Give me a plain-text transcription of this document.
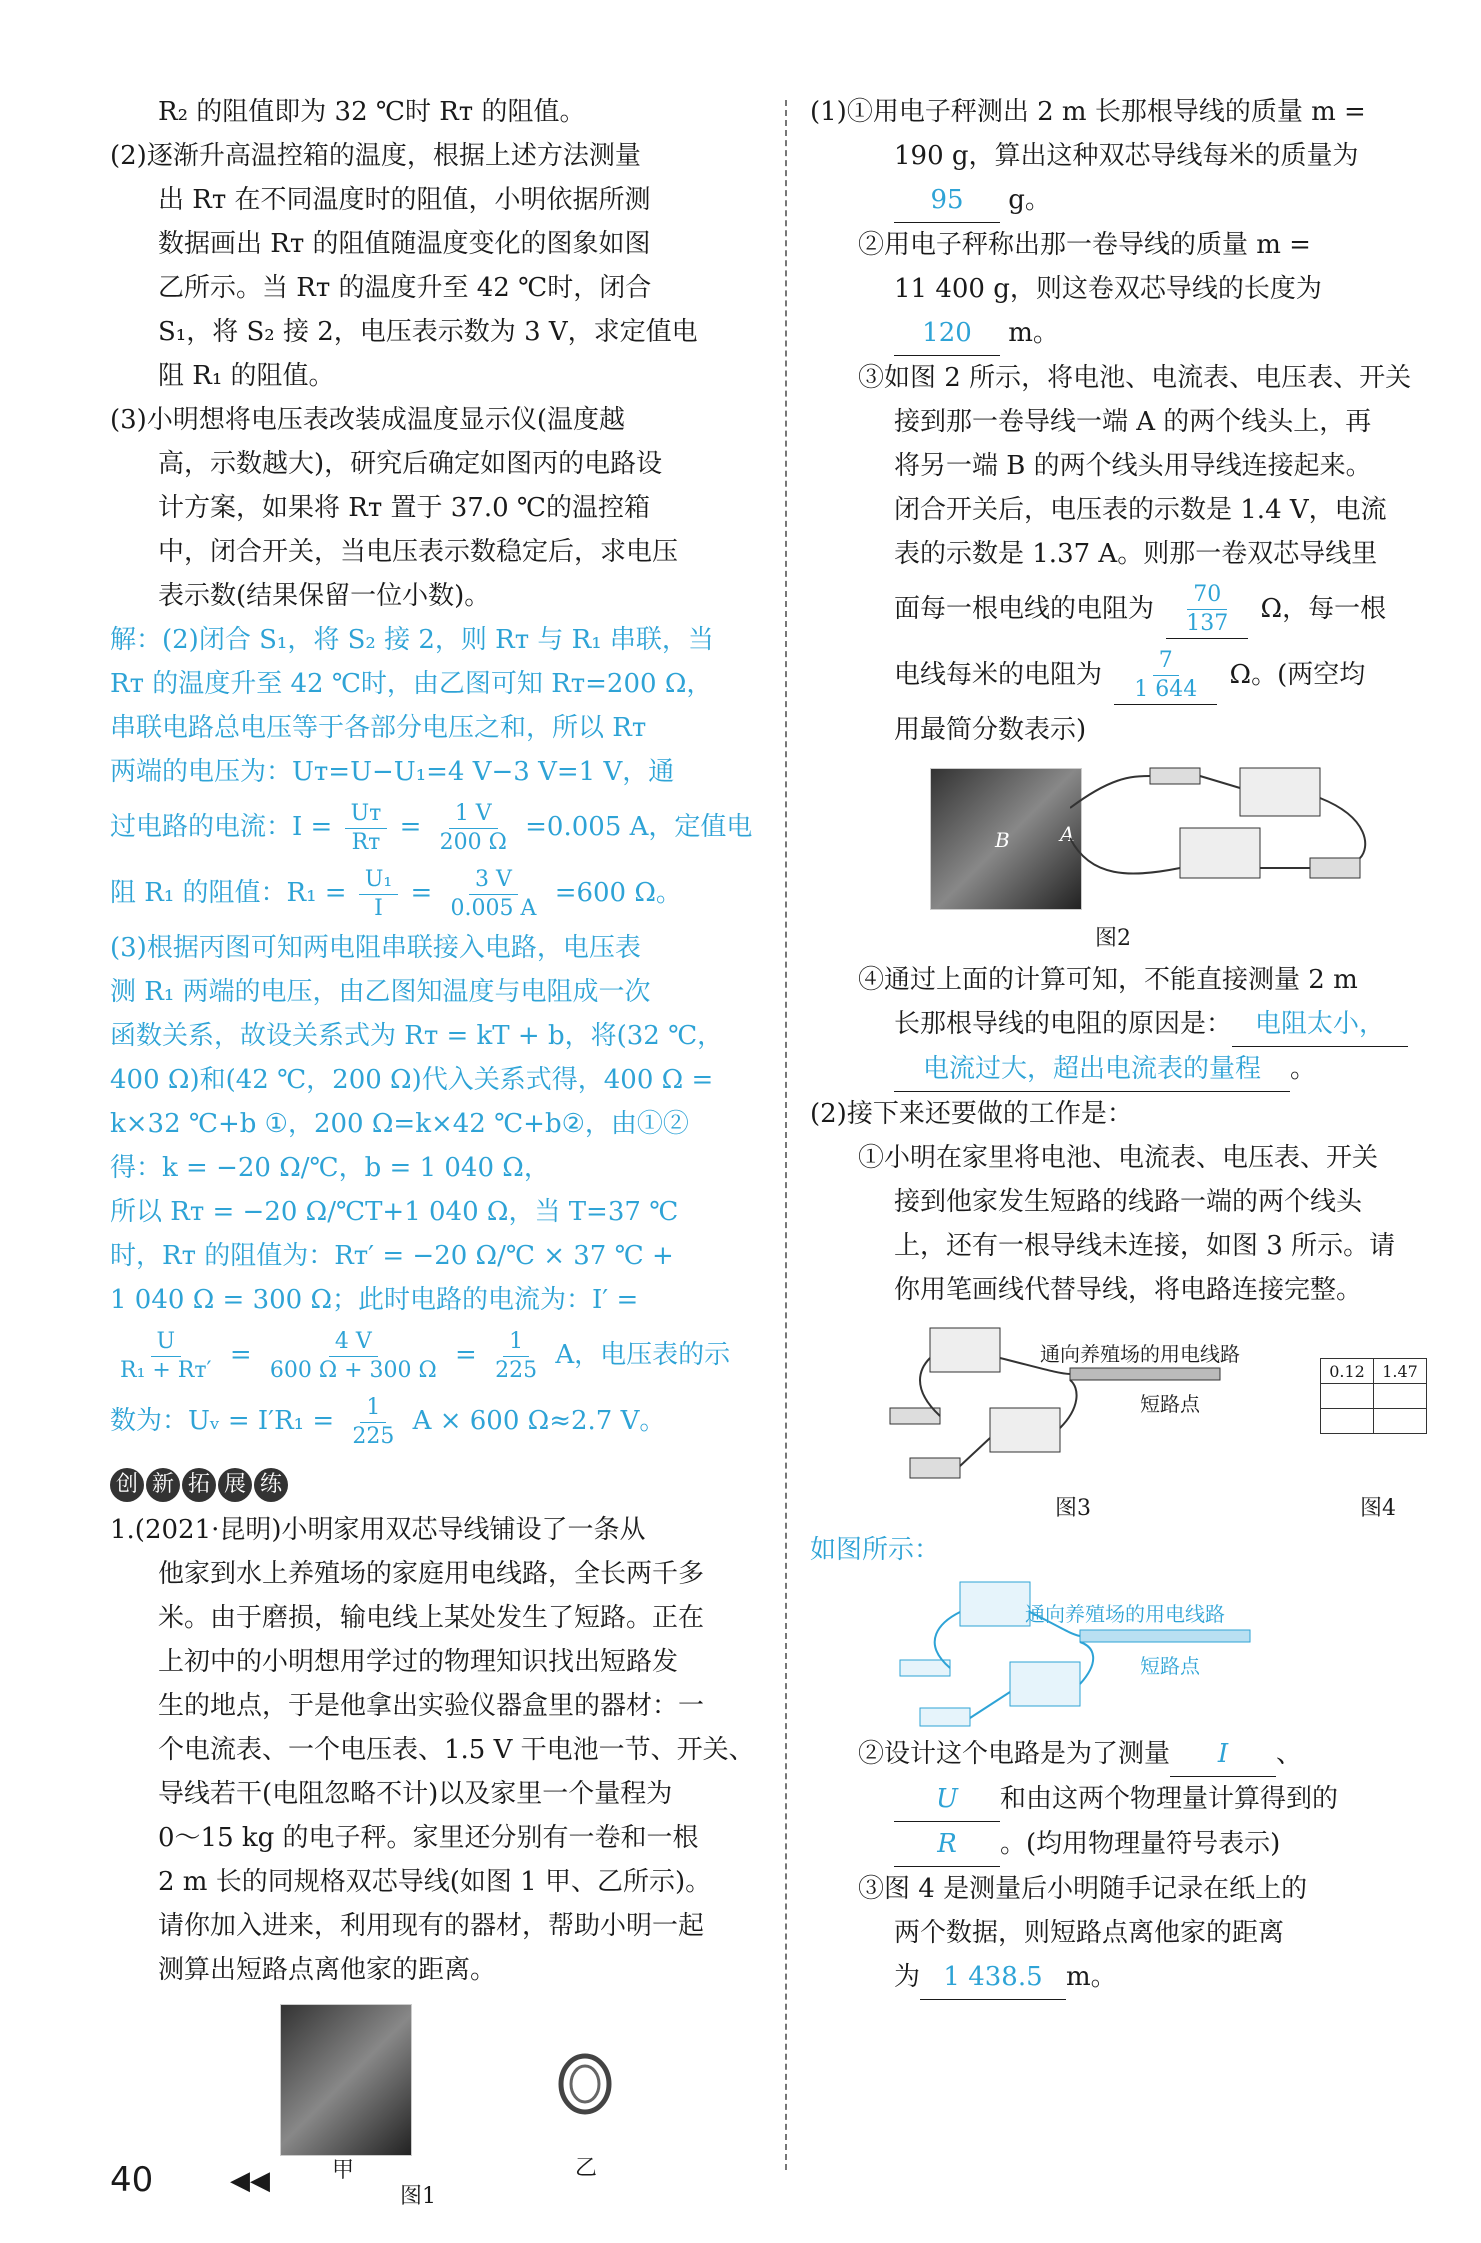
R₂ 的阻值即为 32 ℃时 Rᴛ 的阻值。
(2)逐渐升高温控箱的温度，根据上述方法测量
出 Rᴛ 在不同温度时的阻值，小明依据所测
数据画出 Rᴛ 的阻值随温度变化的图象如图
乙所示。当 Rᴛ 的温度升至 42 ℃时，闭合
S₁，将 S₂ 接 2，电压表示数为 3 V，求定值电
阻 R₁ 的阻值。
(3)小明想将电压表改装成温度显示仪(温度越
高，示数越大)，研究后确定如图丙的电路设
计方案，如果将 Rᴛ 置于 37.0 ℃的温控箱
中，闭合开关，当电压表示数稳定后，求电压
表示数(结果保留一位小数)。
解：(2)闭合 S₁，将 S₂ 接 2，则 Rᴛ 与 R₁ 串联，当
Rᴛ 的温度升至 42 ℃时，由乙图可知 Rᴛ=200 Ω，
串联电路总电压等于各部分电压之和，所以 Rᴛ
两端的电压为：Uᴛ=U−U₁=4 V−3 V=1 V，通
过电路的电流：$I = \frac{\text{Uᴛ}}{\text{Rᴛ}} = \frac{1 V}{200 \Omega} =0.005$ A，定值电
阻 R₁ 的阻值：$R_1 = \frac{\text{U₁}}{I} = \frac{3 V}{0.005 A} =600$ Ω。
(3)根据丙图可知两电阻串联接入电路，电压表
测 R₁ 两端的电压，由乙图知温度与电阻成一次
函数关系，故设关系式为 Rᴛ = kT + b，将(32 ℃，
400 Ω)和(42 ℃，200 Ω)代入关系式得，400 Ω =
k×32 ℃+b ①，200 Ω=k×42 ℃+b②，由①②
得：k = −20 Ω/℃，b = 1 040 Ω，
所以 Rᴛ = −20 Ω/℃T+1 040 Ω，当 T=37 ℃
时，Rᴛ 的阻值为：Rᴛ′ = −20 Ω/℃ × 37 ℃ +
1 040 Ω = 300 Ω；此时电路的电流为：I′ =
$\frac{U}{\text{R₁ + Rᴛ′}} = \frac{4 V}{600 \Omega + 300 \Omega} = \frac{1}{225}$ A，电压表的示
数为：Uᵥ = $I'R_1 = \frac{1}{225}$ A × 600 Ω≈2.7 V。
创 新 拓 展 练
1.(2021·昆明)小明家用双芯导线铺设了一条从
他家到水上养殖场的家庭用电线路，全长两千多
米。由于磨损，输电线上某处发生了短路。正在
上初中的小明想用学过的物理知识找出短路发
生的地点，于是他拿出实验仪器盒里的器材：一
个电流表、一个电压表、1.5 V 干电池一节、开关、
导线若干(电阻忽略不计)以及家里一个量程为
0～15 kg 的电子秤。家里还分别有一卷和一根
2 m 长的同规格双芯导线(如图 1 甲、乙所示)。
请你加入进来，利用现有的器材，帮助小明一起
测算出短路点离他家的距离。
甲	乙
图1
(1)①用电子秤测出 2 m 长那根导线的质量 m =
190 g，算出这种双芯导线每米的质量为
95 g。
②用电子秤称出那一卷导线的质量 m =
11 400 g，则这卷双芯导线的长度为
120 m。
③如图 2 所示，将电池、电流表、电压表、开关
接到那一卷导线一端 A 的两个线头上，再
将另一端 B 的两个线头用导线连接起来。
闭合开关后，电压表的示数是 1.4 V，电流
表的示数是 1.37 A。则那一卷双芯导线里
面每一根电线的电阻为 $\frac{70}{137}$ Ω，每一根
电线每米的电阻为 $\frac{7}{1 644}$ Ω。(两空均
用最简分数表示)
B	A
图2
④通过上面的计算可知，不能直接测量 2 m
长那根导线的电阻的原因是： 电阻太小，
电流过大，超出电流表的量程 。
(2)接下来还要做的工作是：
①小明在家里将电池、电流表、电压表、开关
接到他家发生短路的线路一端的两个线头
上，还有一根导线未连接，如图 3 所示。请
你用笔画线代替导线，将电路连接完整。
通向养殖场的用电线路
短路点
图3
0.12	1.47

图4
如图所示：
通向养殖场的用电线路
短路点
②设计这个电路是为了测量 I 、
U 和由这两个物理量计算得到的
R 。(均用物理量符号表示)
③图 4 是测量后小明随手记录在纸上的
两个数据，则短路点离他家的距离
为 1 438.5 m。
40	◀◀
